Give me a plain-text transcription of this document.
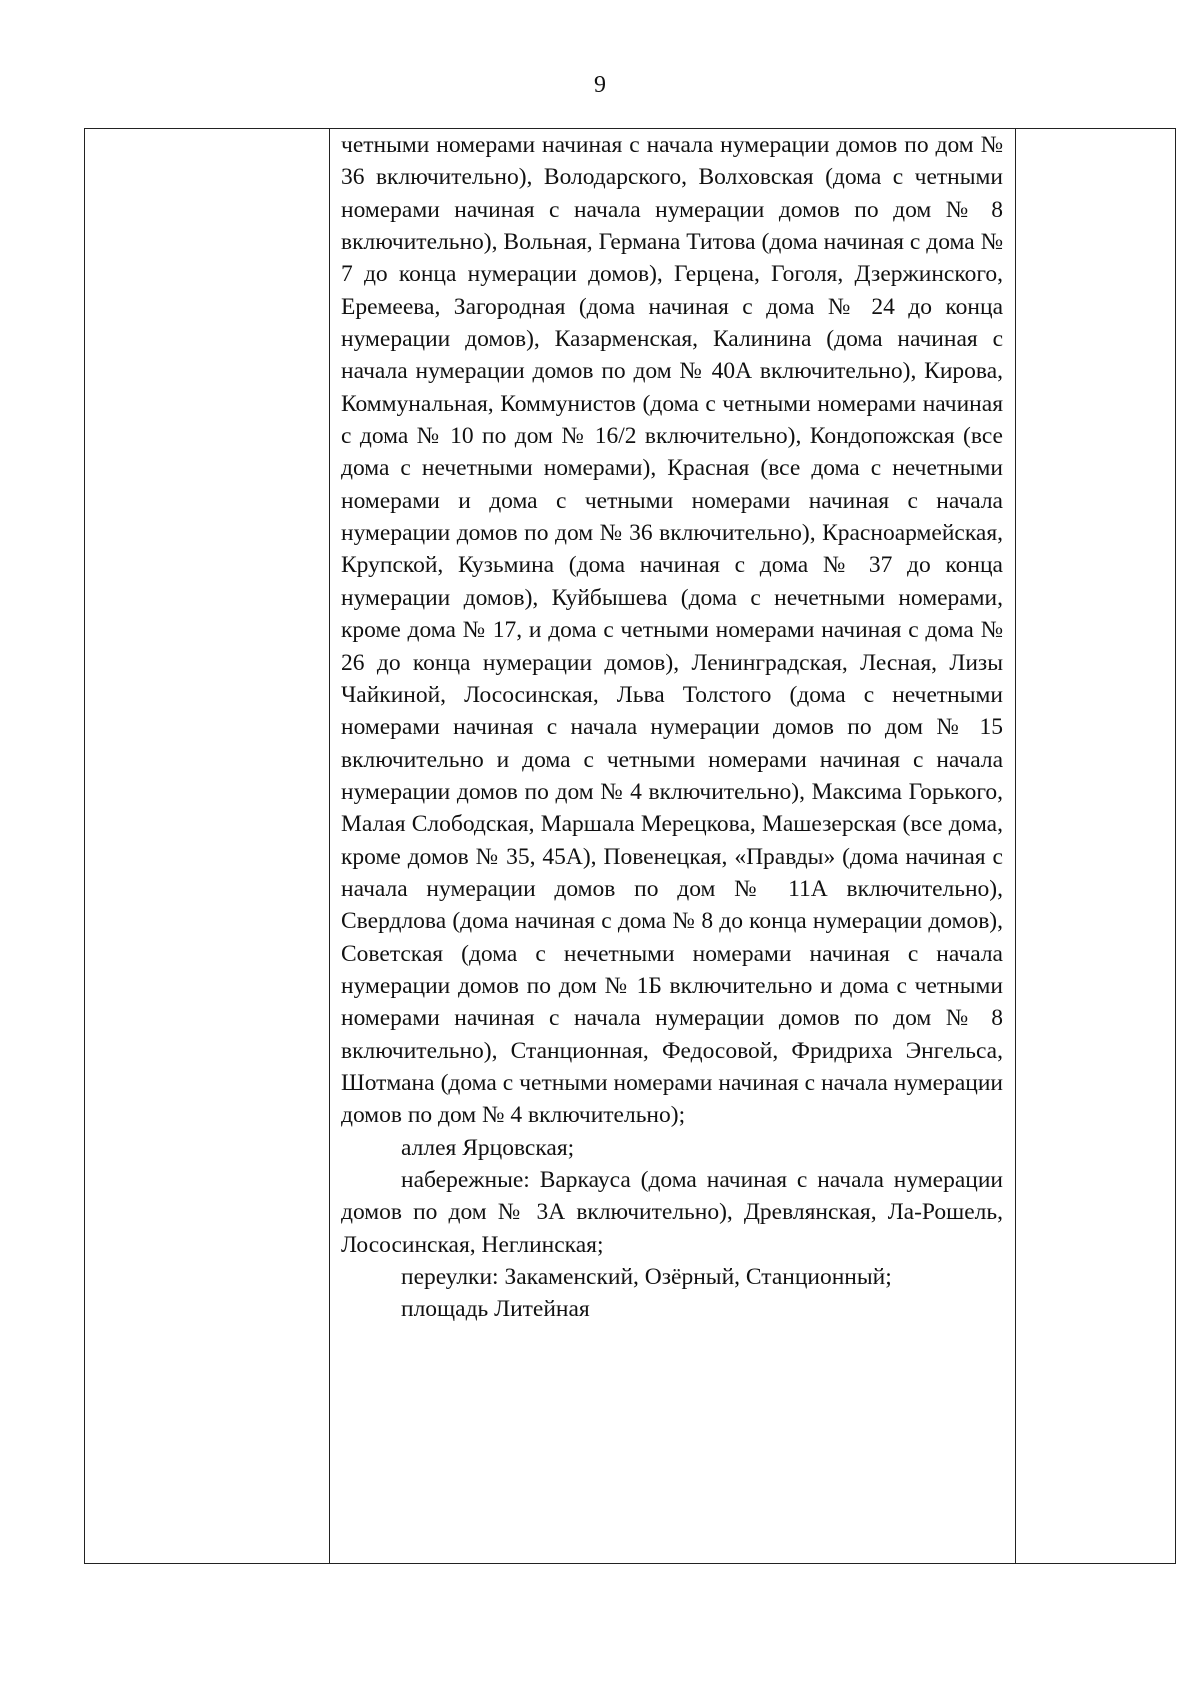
9

четными номерами начиная с начала нумерации домов по дом № 36 включительно), Володарского, Волховская (дома с четными номерами начиная с начала нумерации домов по дом № 8 включительно), Вольная, Германа Титова (дома начиная с дома № 7 до конца нумерации домов), Герцена, Гоголя, Дзержинского, Еремеева, Загородная (дома начиная с дома № 24 до конца нумерации домов), Казарменская, Калинина (дома начиная с начала нумерации домов по дом № 40А включительно), Кирова, Коммунальная, Коммунистов (дома с четными номерами начиная с дома № 10 по дом № 16/2 включительно), Кондопожская (все дома с нечетными номерами), Красная (все дома с нечетными номерами и дома с четными номерами начиная с начала нумерации домов по дом № 36 включительно), Красноармейская, Крупской, Кузьмина (дома начиная с дома № 37 до конца нумерации домов), Куйбышева (дома с нечетными номерами, кроме дома № 17, и дома с четными номерами начиная с дома № 26 до конца нумерации домов), Ленинградская, Лесная, Лизы Чайкиной, Лососинская, Льва Толстого (дома с нечетными номерами начиная с начала нумерации домов по дом № 15 включительно и дома с четными номерами начиная с начала нумерации домов по дом № 4 включительно), Максима Горького, Малая Слободская, Маршала Мерецкова, Машезерская (все дома, кроме домов № 35, 45А), Повенецкая, «Правды» (дома начиная с начала нумерации домов по дом № 11А включительно), Свердлова (дома начиная с дома № 8 до конца нумерации домов), Советская (дома с нечетными номерами начиная с начала нумерации домов по дом № 1Б включительно и дома с четными номерами начиная с начала нумерации домов по дом № 8 включительно), Станционная, Федосовой, Фридриха Энгельса, Шотмана (дома с четными номерами начиная с начала нумерации домов по дом № 4 включительно);

аллея Ярцовская;

набережные: Варкауса (дома начиная с начала нумерации домов по дом № 3А включительно), Древлянская, Ла-Рошель, Лососинская, Неглинская;

переулки: Закаменский, Озёрный, Станционный;

площадь Литейная
